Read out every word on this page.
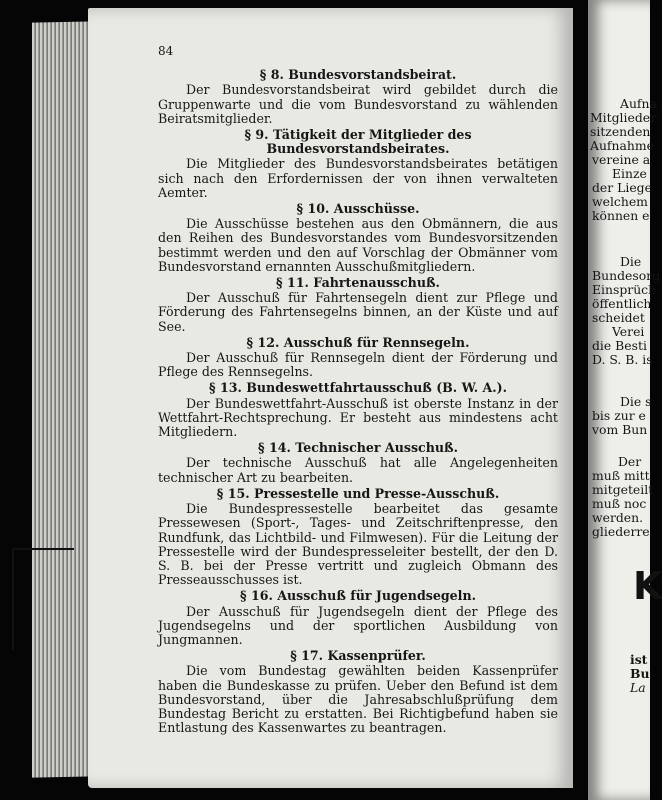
84
§ 8. Bundesvorstandsbeirat.
Der Bundesvorstandsbeirat wird gebildet durch die Gruppenwarte und die vom Bundesvorstand zu wählenden Beiratsmitglieder.
§ 9. Tätigkeit der Mitglieder des Bundesvorstandsbeirates.
Die Mitglieder des Bundesvorstandsbeirates betätigen sich nach den Erfordernissen der von ihnen verwalteten Aemter.
§ 10. Ausschüsse.
Die Ausschüsse bestehen aus den Obmännern, die aus den Reihen des Bundesvorstandes vom Bundesvorsitzenden bestimmt werden und den auf Vorschlag der Obmänner vom Bundesvorstand ernannten Ausschußmitgliedern.
§ 11. Fahrtenausschuß.
Der Ausschuß für Fahrtensegeln dient zur Pflege und Förderung des Fahrtensegelns binnen, an der Küste und auf See.
§ 12. Ausschuß für Rennsegeln.
Der Ausschuß für Rennsegeln dient der Förderung und Pflege des Rennsegelns.
§ 13. Bundeswettfahrtausschuß (B. W. A.).
Der Bundeswettfahrt-Ausschuß ist oberste Instanz in der Wettfahrt-Rechtsprechung. Er besteht aus mindestens acht Mitgliedern.
§ 14. Technischer Ausschuß.
Der technische Ausschuß hat alle Angelegenheiten technischer Art zu bearbeiten.
§ 15. Pressestelle und Presse-Ausschuß.
Die Bundespressestelle bearbeitet das gesamte Pressewesen (Sport-, Tages- und Zeitschriftenpresse, den Rundfunk, das Lichtbild- und Filmwesen). Für die Leitung der Pressestelle wird der Bundespresseleiter bestellt, der den D. S. B. bei der Presse vertritt und zugleich Obmann des Presseausschusses ist.
§ 16. Ausschuß für Jugendsegeln.
Der Ausschuß für Jugendsegeln dient der Pflege des Jugendsegelns und der sportlichen Ausbildung von Jungmannen.
§ 17. Kassenprüfer.
Die vom Bundestag gewählten beiden Kassenprüfer haben die Bundeskasse zu prüfen. Ueber den Befund ist dem Bundesvorstand, über die Jahresabschlußprüfung dem Bundestag Bericht zu erstatten. Bei Richtigbefund haben sie Entlastung des Kassenwartes zu beantragen.
Aufna
Mitglieder
sitzenden
Aufnahme
vereine a
Einze
der Liege
welchem
können e
Die
Bundesorg
Einsprüch
öffentlich
scheidet
Verei
die Besti
D. S. B. is
Die s
bis zur e
vom Bun
Der
muß mitt
mitgeteilt
muß noc
werden.
gliederre
K
ist
Bu
La
